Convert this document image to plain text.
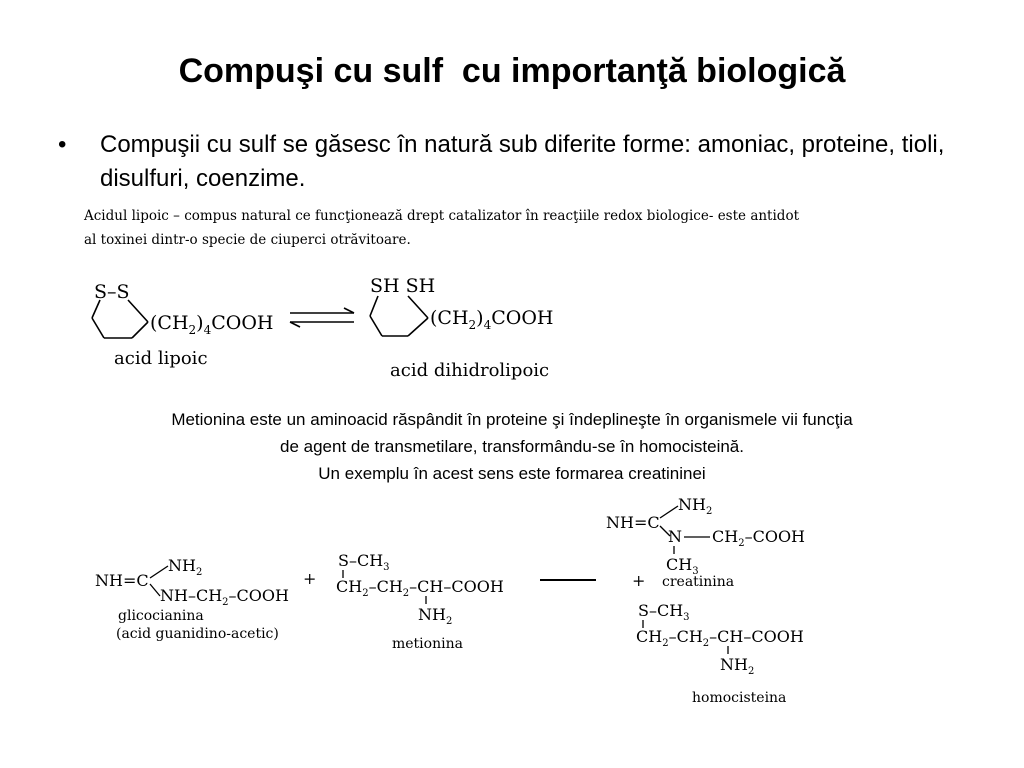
Compuşi cu sulf  cu importanţă biologică
• Compuşii cu sulf se găsesc în natură sub diferite forme: amoniac, proteine, tioli, disulfuri, coenzime.
Acidul lipoic – compus natural ce funcţionează drept catalizator în reacţiile redox biologice- este antidot al toxinei dintr-o specie de ciuperci otrăvitoare.
S–S
$(CH_2)_4COOH$
acid lipoic
SH SH
$(CH_2)_4COOH$
acid dihidrolipoic
Metionina este un aminoacid răspândit în proteine şi îndeplineşte în organismele vii funcţia
de agent de transmetilare, transformându-se în homocisteină.
Un exemplu în acest sens este formarea creatininei
$NH_2$
NH=C
$NH-CH_2$–COOH
glicocianina
(acid guanidino-acetic)
+
$S-CH_3$
$CH_2-CH_2-CH$–COOH
$NH_2$
metionina
$NH_2$
NH=C
N $CH_2$–COOH
$CH_3$
+ creatinina
$S-CH_3$
$CH_2-CH_2-CH$–COOH
$NH_2$
homocisteina
